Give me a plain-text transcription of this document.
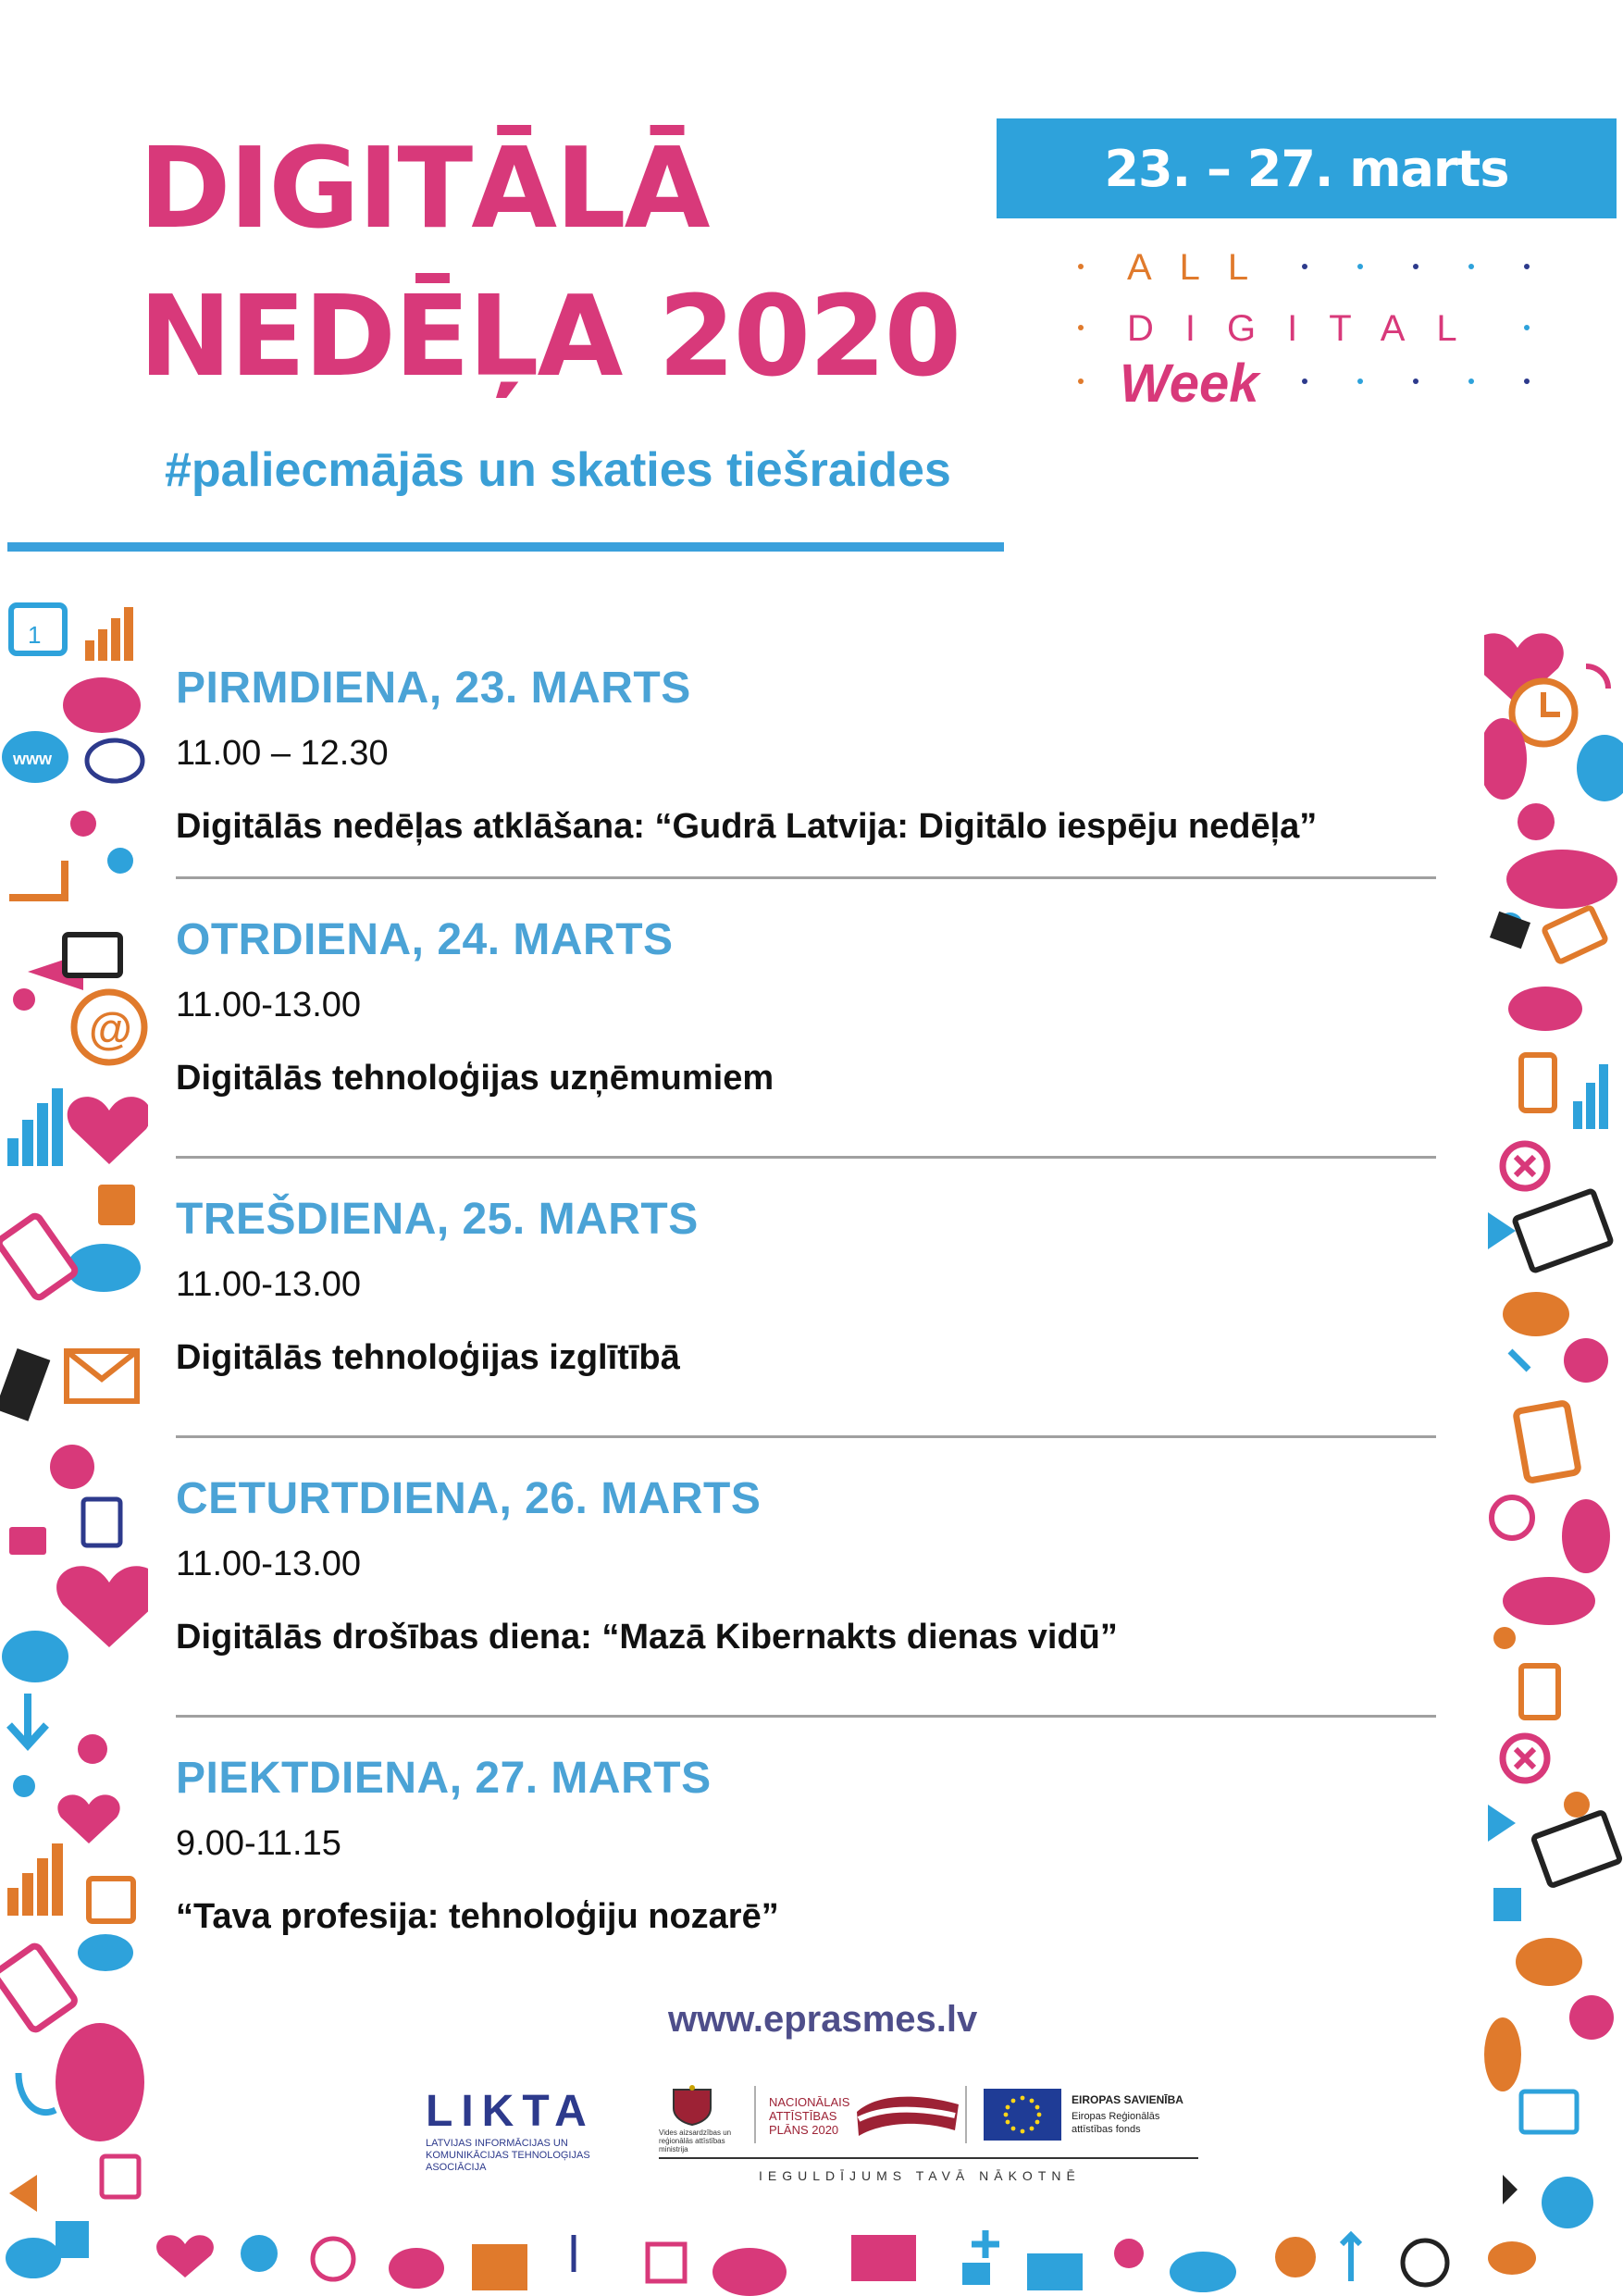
DIGITĀLĀ
NEDĒĻA 2020
#paliecmājās un skaties tiešraides
23. – 27. marts
ALL
DIGITAL
Week
1
www
@
PIRMDIENA, 23. MARTS
11.00 – 12.30
Digitālās nedēļas atklāšana: “Gudrā Latvija: Digitālo iespēju nedēļa”
OTRDIENA, 24. MARTS
11.00-13.00
Digitālās tehnoloģijas uzņēmumiem
TREŠDIENA, 25. MARTS
11.00-13.00
Digitālās tehnoloģijas izglītībā
CETURTDIENA, 26. MARTS
11.00-13.00
Digitālās drošības diena: “Mazā Kibernakts dienas vidū”
PIEKTDIENA, 27. MARTS
9.00-11.15
“Tava profesija: tehnoloģiju nozarē”
www.eprasmes.lv
LIKTA
LATVIJAS INFORMĀCIJAS UN KOMUNIKĀCIJAS TEHNOLOĢIJAS ASOCIĀCIJA
Vides aizsardzības un reģionālās attīstības ministrija
NACIONĀLAIS ATTĪSTĪBAS PLĀNS 2020
EIROPAS SAVIENĪBA
Eiropas Reģionālās attīstības fonds
IEGULDĪJUMS TAVĀ NĀKOTNĒ
